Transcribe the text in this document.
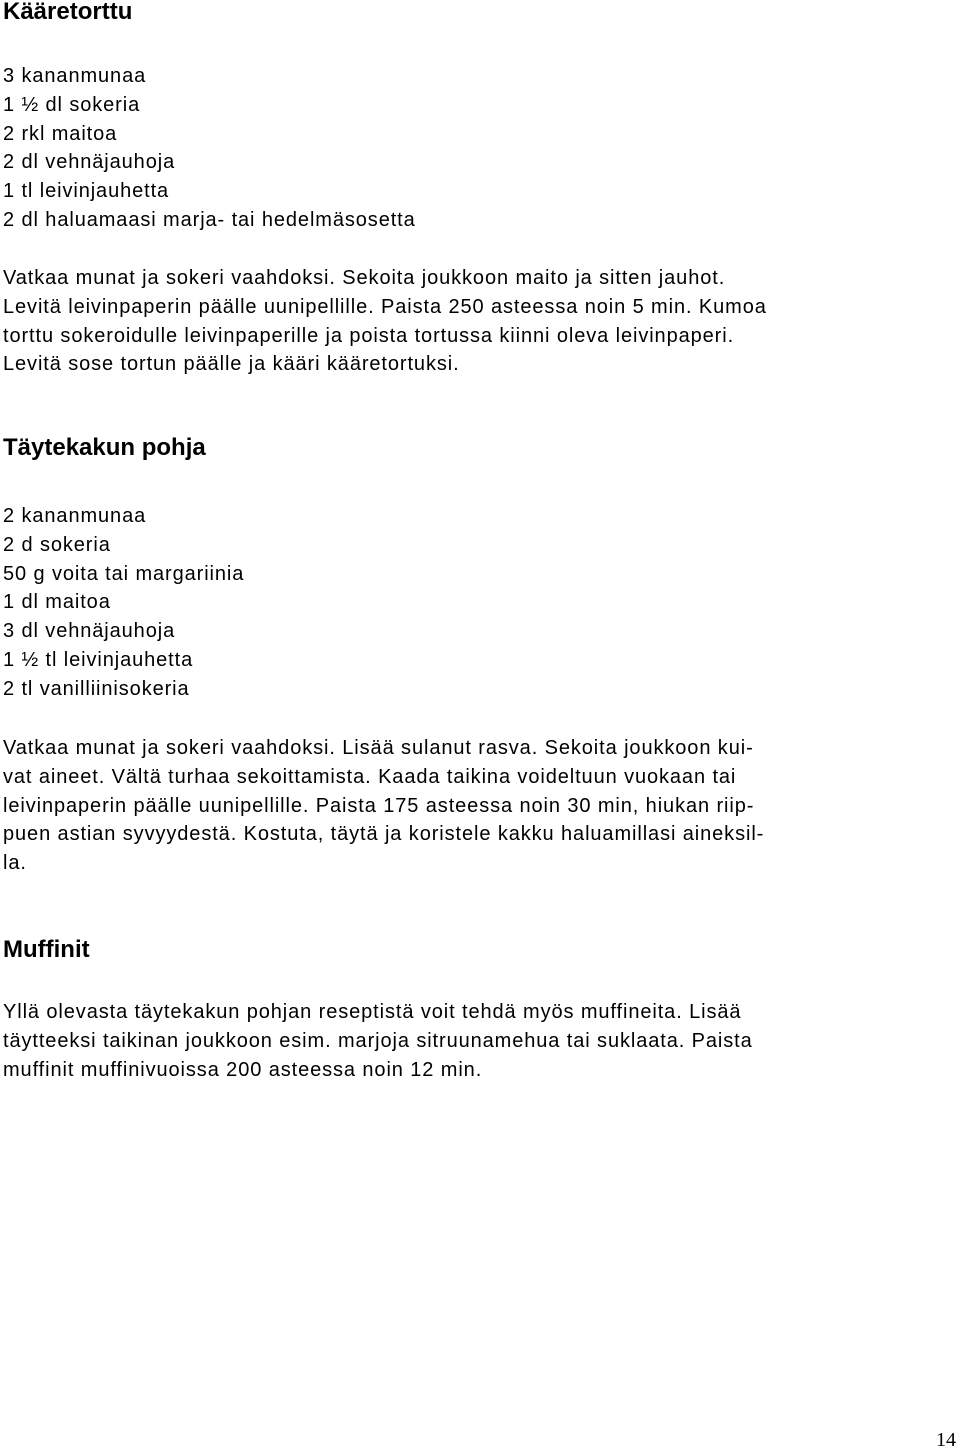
Kääretorttu
3 kananmunaa
1 ½ dl sokeria
2 rkl maitoa
2 dl vehnäjauhoja
1 tl leivinjauhetta
2 dl haluamaasi marja- tai hedelmäsosetta
Vatkaa munat ja sokeri vaahdoksi. Sekoita joukkoon maito ja sitten jauhot.
Levitä leivinpaperin päälle uunipellille. Paista 250 asteessa noin 5 min. Kumoa
torttu sokeroidulle leivinpaperille ja poista tortussa kiinni oleva leivinpaperi.
Levitä sose tortun päälle ja kääri kääretortuksi.
Täytekakun pohja
2 kananmunaa
2 d sokeria
50 g voita tai margariinia
1 dl maitoa
3 dl vehnäjauhoja
1 ½ tl leivinjauhetta
2 tl vanilliinisokeria
Vatkaa munat ja sokeri vaahdoksi. Lisää sulanut rasva. Sekoita joukkoon kui-
vat aineet. Vältä turhaa sekoittamista. Kaada taikina voideltuun vuokaan tai
leivinpaperin päälle uunipellille. Paista 175 asteessa noin 30 min, hiukan riip-
puen astian syvyydestä. Kostuta, täytä ja koristele kakku haluamillasi aineksil-
la.
Muffinit
Yllä olevasta täytekakun pohjan reseptistä voit tehdä myös muffineita. Lisää
täytteeksi taikinan joukkoon esim. marjoja sitruunamehua tai suklaata. Paista
muffinit muffinivuoissa 200 asteessa noin 12 min.
14
